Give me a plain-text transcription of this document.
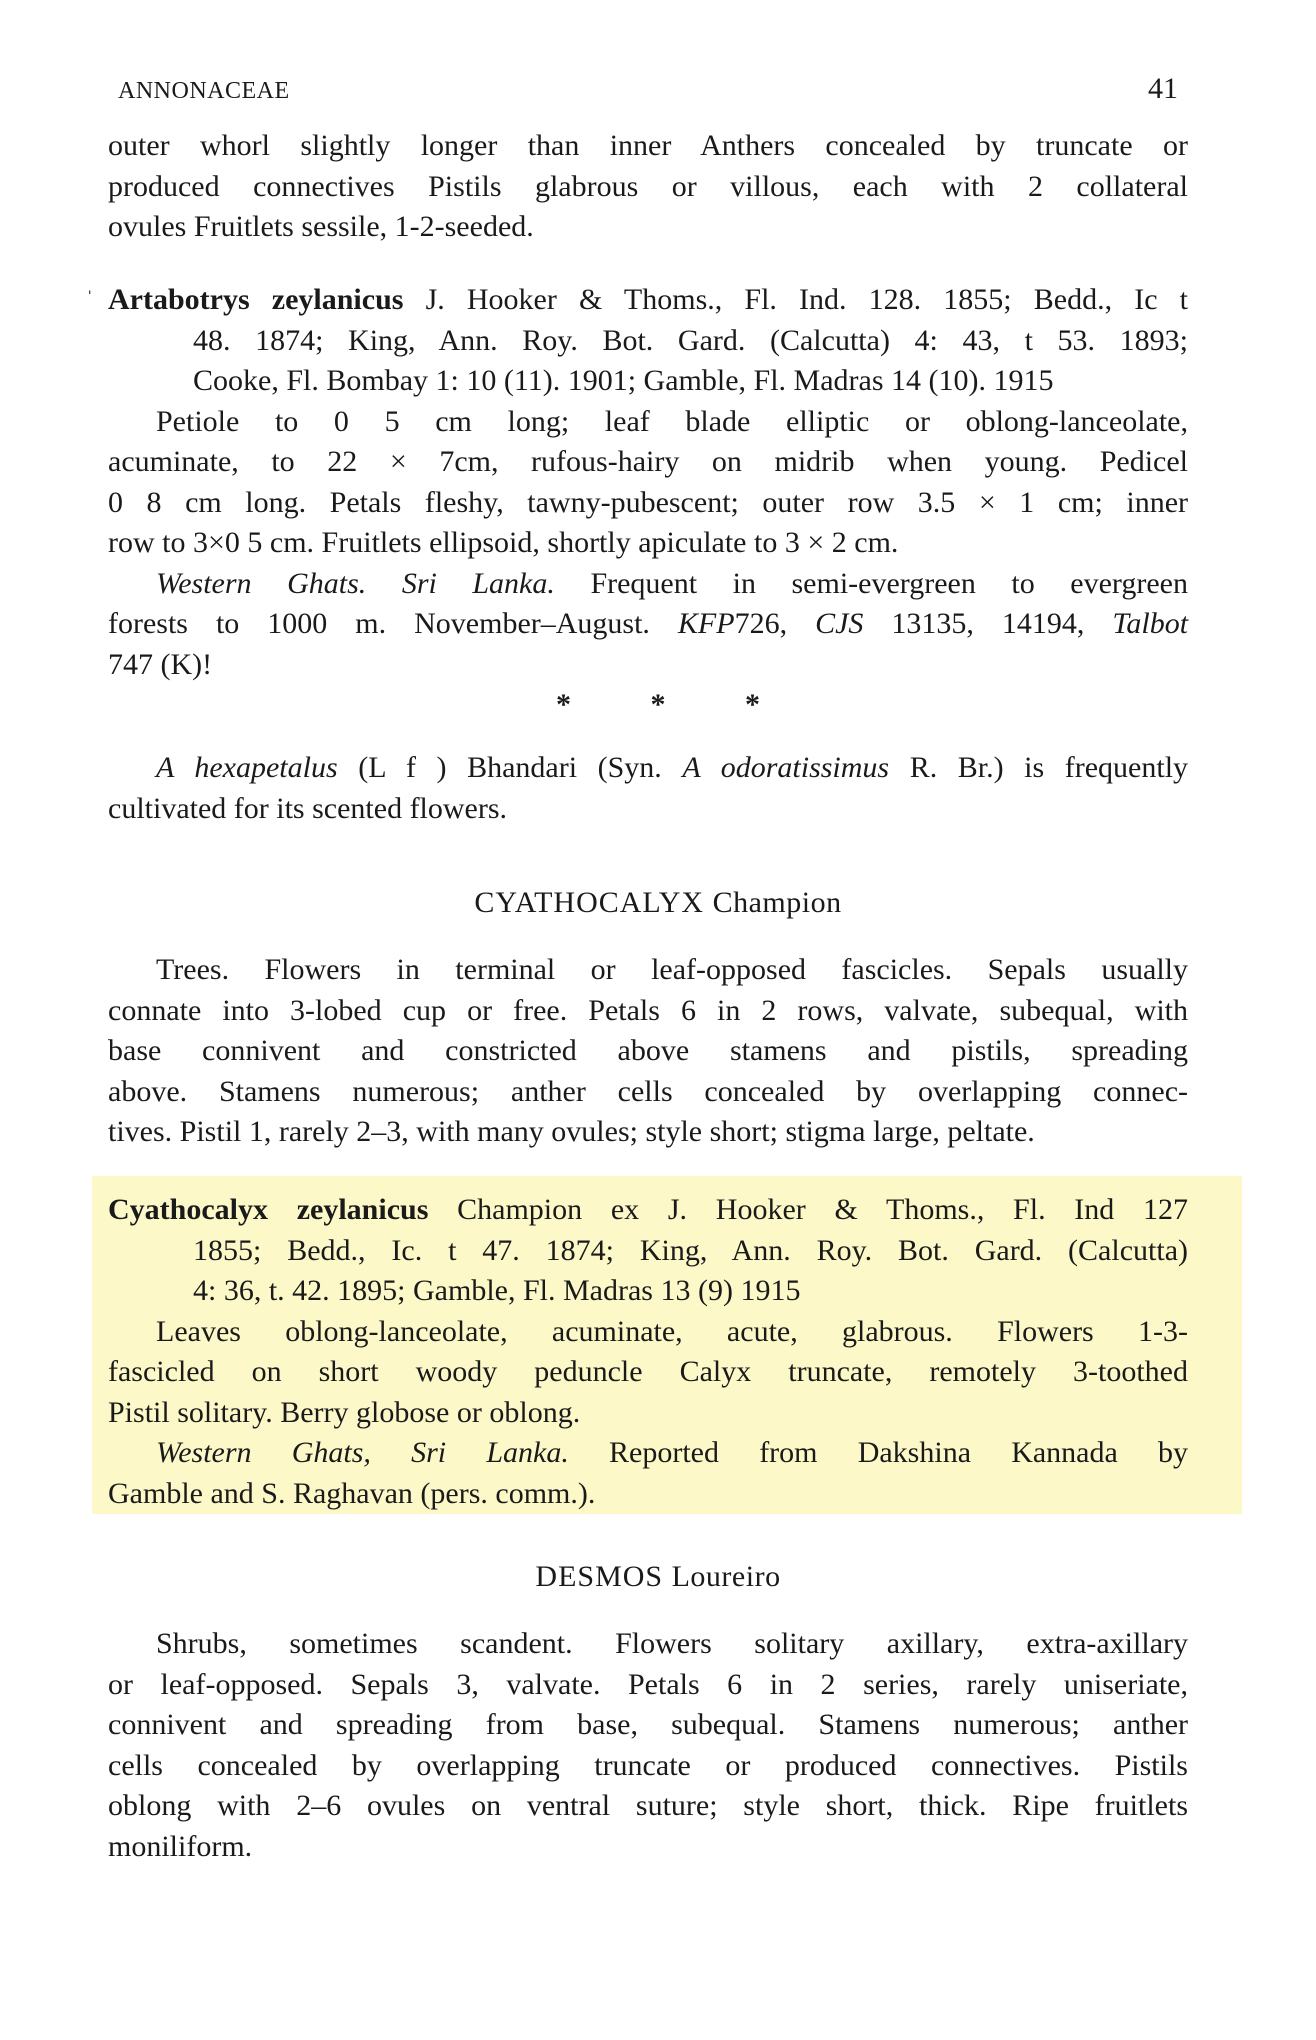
ANNONACEAE	41

outer whorl slightly longer than inner Anthers concealed by truncate or

produced connectives Pistils glabrous or villous, each with 2 collateral

ovules Fruitlets sessile, 1-2-seeded.

ˈ Artabotrys zeylanicus J. Hooker & Thoms., Fl. Ind. 128. 1855; Bedd., Ic t

48. 1874; King, Ann. Roy. Bot. Gard. (Calcutta) 4: 43, t 53. 1893;

Cooke, Fl. Bombay 1: 10 (11). 1901; Gamble, Fl. Madras 14 (10). 1915

Petiole to 0 5 cm long; leaf blade elliptic or oblong-lanceolate,

acuminate, to 22 × 7cm, rufous-hairy on midrib when young. Pedicel

0 8 cm long. Petals fleshy, tawny-pubescent; outer row 3.5 × 1 cm; inner

row to 3×0 5 cm. Fruitlets ellipsoid, shortly apiculate to 3 × 2 cm.

Western Ghats. Sri Lanka. Frequent in semi-evergreen to evergreen

forests to 1000 m. November–August. KFP726, CJS 13135, 14194, Talbot

747 (K)!

*	*	*

A hexapetalus (L f ) Bhandari (Syn. A odoratissimus R. Br.) is frequently

cultivated for its scented flowers.

CYATHOCALYX Champion

Trees. Flowers in terminal or leaf-opposed fascicles. Sepals usually

connate into 3-lobed cup or free. Petals 6 in 2 rows, valvate, subequal, with

base connivent and constricted above stamens and pistils, spreading

above. Stamens numerous; anther cells concealed by overlapping connec-

tives. Pistil 1, rarely 2–3, with many ovules; style short; stigma large, peltate.

Cyathocalyx zeylanicus Champion ex J. Hooker & Thoms., Fl. Ind 127

1855; Bedd., Ic. t 47. 1874; King, Ann. Roy. Bot. Gard. (Calcutta)

4: 36, t. 42. 1895; Gamble, Fl. Madras 13 (9) 1915

Leaves oblong-lanceolate, acuminate, acute, glabrous. Flowers 1-3-

fascicled on short woody peduncle Calyx truncate, remotely 3-toothed

Pistil solitary. Berry globose or oblong.

Western Ghats, Sri Lanka. Reported from Dakshina Kannada by

Gamble and S. Raghavan (pers. comm.).

DESMOS Loureiro

Shrubs, sometimes scandent. Flowers solitary axillary, extra-axillary

or leaf-opposed. Sepals 3, valvate. Petals 6 in 2 series, rarely uniseriate,

connivent and spreading from base, subequal. Stamens numerous; anther

cells concealed by overlapping truncate or produced connectives. Pistils

oblong with 2–6 ovules on ventral suture; style short, thick. Ripe fruitlets

moniliform.
